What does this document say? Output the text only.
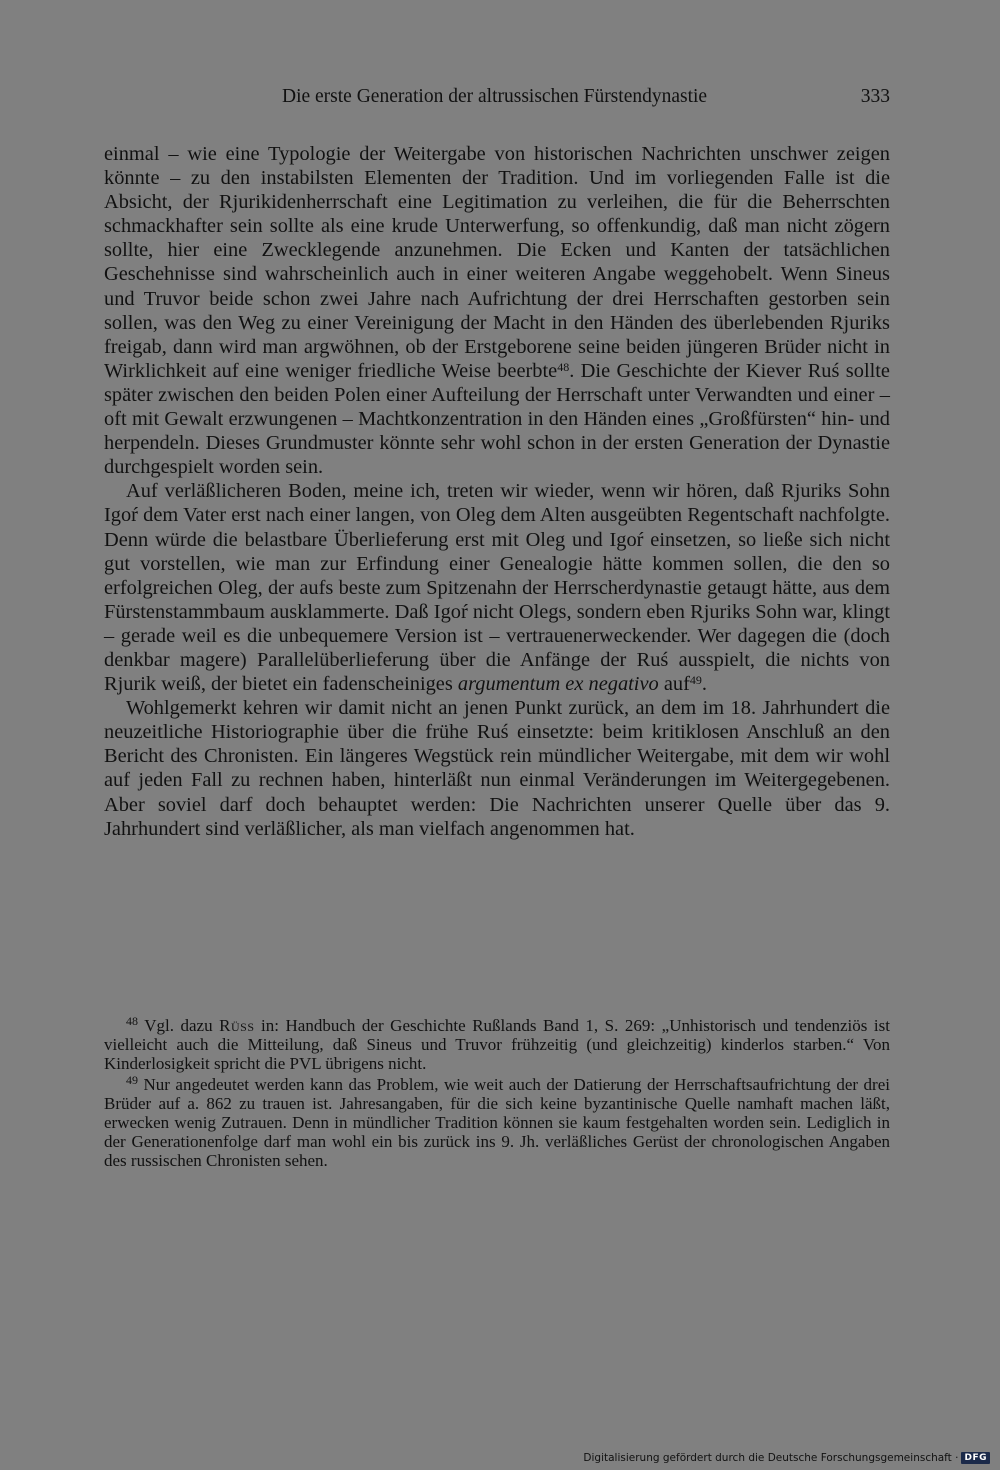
Die erste Generation der altrussischen Fürstendynastie	333

einmal – wie eine Typologie der Weitergabe von historischen Nachrichten unschwer zeigen könnte – zu den instabilsten Elementen der Tradition. Und im vorliegenden Falle ist die Absicht, der Rjurikidenherrschaft eine Legitimation zu verleihen, die für die Beherrschten schmackhafter sein sollte als eine krude Unterwerfung, so offenkundig, daß man nicht zögern sollte, hier eine Zwecklegende anzunehmen. Die Ecken und Kanten der tatsächlichen Geschehnisse sind wahrscheinlich auch in einer weiteren Angabe weggehobelt. Wenn Sineus und Truvor beide schon zwei Jahre nach Aufrichtung der drei Herrschaften gestorben sein sollen, was den Weg zu einer Vereinigung der Macht in den Händen des überlebenden Rjuriks freigab, dann wird man argwöhnen, ob der Erstgeborene seine beiden jüngeren Brüder nicht in Wirklichkeit auf eine weniger friedliche Weise beerbte$^{48}$. Die Geschichte der Kiever Ruś sollte später zwischen den beiden Polen einer Aufteilung der Herrschaft unter Verwandten und einer – oft mit Gewalt erzwungenen – Machtkonzentration in den Händen eines „Großfürsten“ hin- und herpendeln. Dieses Grundmuster könnte sehr wohl schon in der ersten Generation der Dynastie durchgespielt worden sein.

Auf verläßlicheren Boden, meine ich, treten wir wieder, wenn wir hören, daß Rjuriks Sohn Igoŕ dem Vater erst nach einer langen, von Oleg dem Alten ausgeübten Regentschaft nachfolgte. Denn würde die belastbare Überlieferung erst mit Oleg und Igoŕ einsetzen, so ließe sich nicht gut vorstellen, wie man zur Erfindung einer Genealogie hätte kommen sollen, die den so erfolgreichen Oleg, der aufs beste zum Spitzenahn der Herrscherdynastie getaugt hätte, aus dem Fürstenstammbaum ausklammerte. Daß Igoŕ nicht Olegs, sondern eben Rjuriks Sohn war, klingt – gerade weil es die unbequemere Version ist – vertrauenerweckender. Wer dagegen die (doch denkbar magere) Parallelüberlieferung über die Anfänge der Ruś ausspielt, die nichts von Rjurik weiß, der bietet ein fadenscheiniges argumentum ex negativo auf$^{49}$.

Wohlgemerkt kehren wir damit nicht an jenen Punkt zurück, an dem im 18. Jahrhundert die neuzeitliche Historiographie über die frühe Ruś einsetzte: beim kritiklosen Anschluß an den Bericht des Chronisten. Ein längeres Wegstück rein mündlicher Weitergabe, mit dem wir wohl auf jeden Fall zu rechnen haben, hinterläßt nun einmal Veränderungen im Weitergegebenen. Aber soviel darf doch behauptet werden: Die Nachrichten unserer Quelle über das 9. Jahrhundert sind verläßlicher, als man vielfach angenommen hat.

$^{48}$ Vgl. dazu Rüss in: Handbuch der Geschichte Rußlands Band 1, S. 269: „Unhistorisch und tendenziös ist vielleicht auch die Mitteilung, daß Sineus und Truvor frühzeitig (und gleichzeitig) kinderlos starben.“ Von Kinderlosigkeit spricht die PVL übrigens nicht.

$^{49}$ Nur angedeutet werden kann das Problem, wie weit auch der Datierung der Herrschaftsaufrichtung der drei Brüder auf a. 862 zu trauen ist. Jahresangaben, für die sich keine byzantinische Quelle namhaft machen läßt, erwecken wenig Zutrauen. Denn in mündlicher Tradition können sie kaum festgehalten worden sein. Lediglich in der Generationenfolge darf man wohl ein bis zurück ins 9. Jh. verläßliches Gerüst der chronologischen Angaben des russischen Chronisten sehen.

Digitalisierung gefördert durch die Deutsche Forschungsgemeinschaft · DFG
